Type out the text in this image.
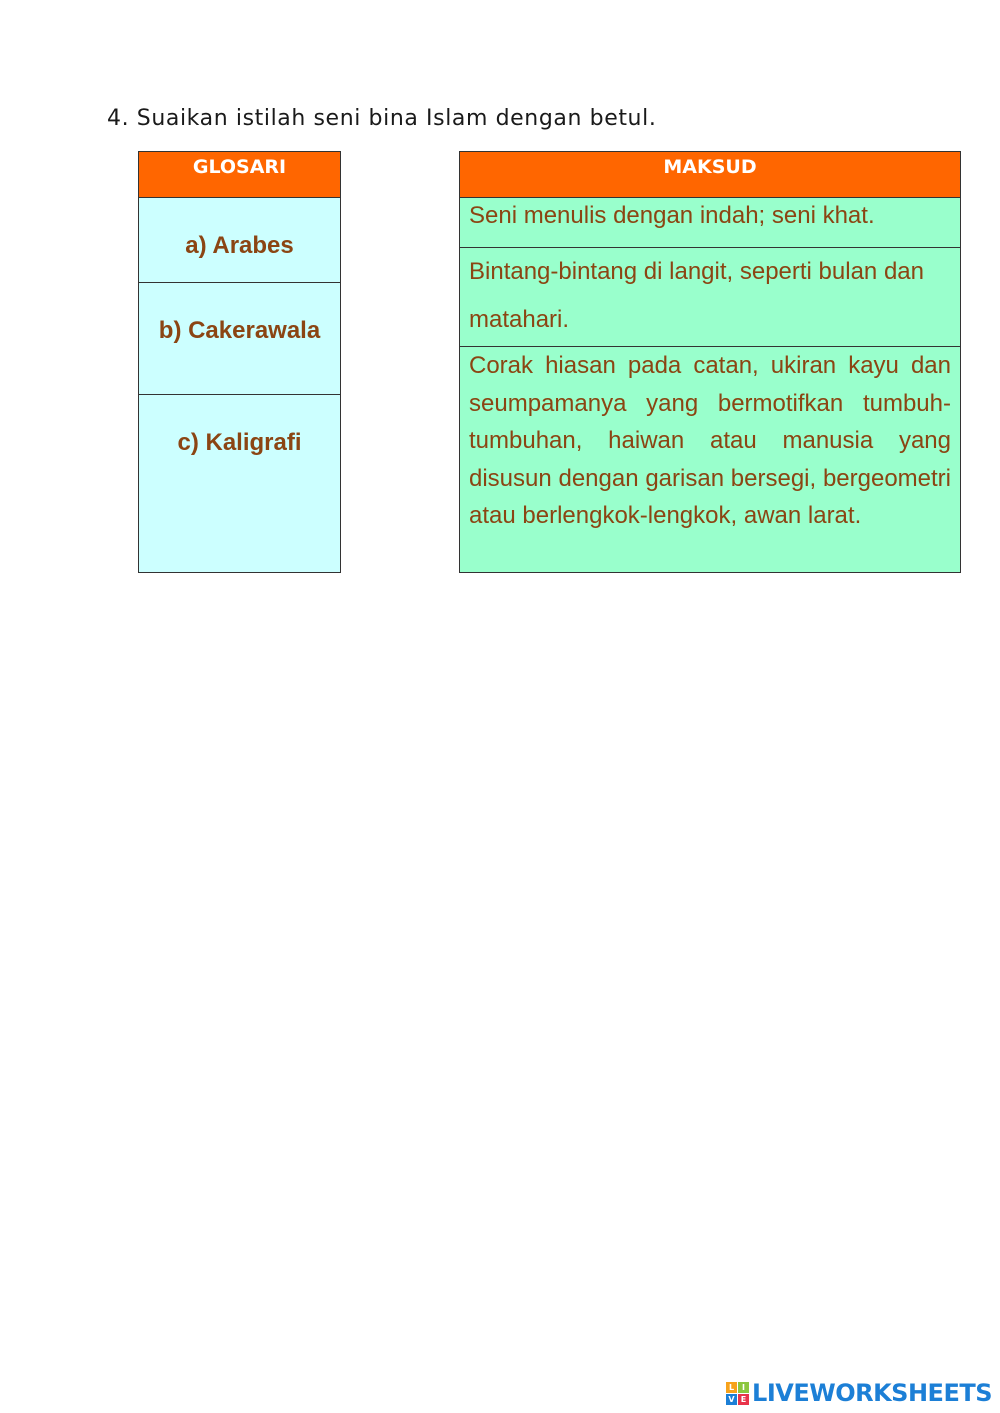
4. Suaikan istilah seni bina Islam dengan betul.
GLOSARI
a) Arabes
b) Cakerawala
c) Kaligrafi
MAKSUD
Seni menulis dengan indah; seni khat.
Bintang-bintang di langit, seperti bulan dan matahari.
Corak hiasan pada catan, ukiran kayu dan seumpamanya yang bermotifkan tumbuh-tumbuhan, haiwan atau manusia yang disusun dengan garisan bersegi, bergeometri atau berlengkok-lengkok, awan larat.
L I
V E LIVEWORKSHEETS
